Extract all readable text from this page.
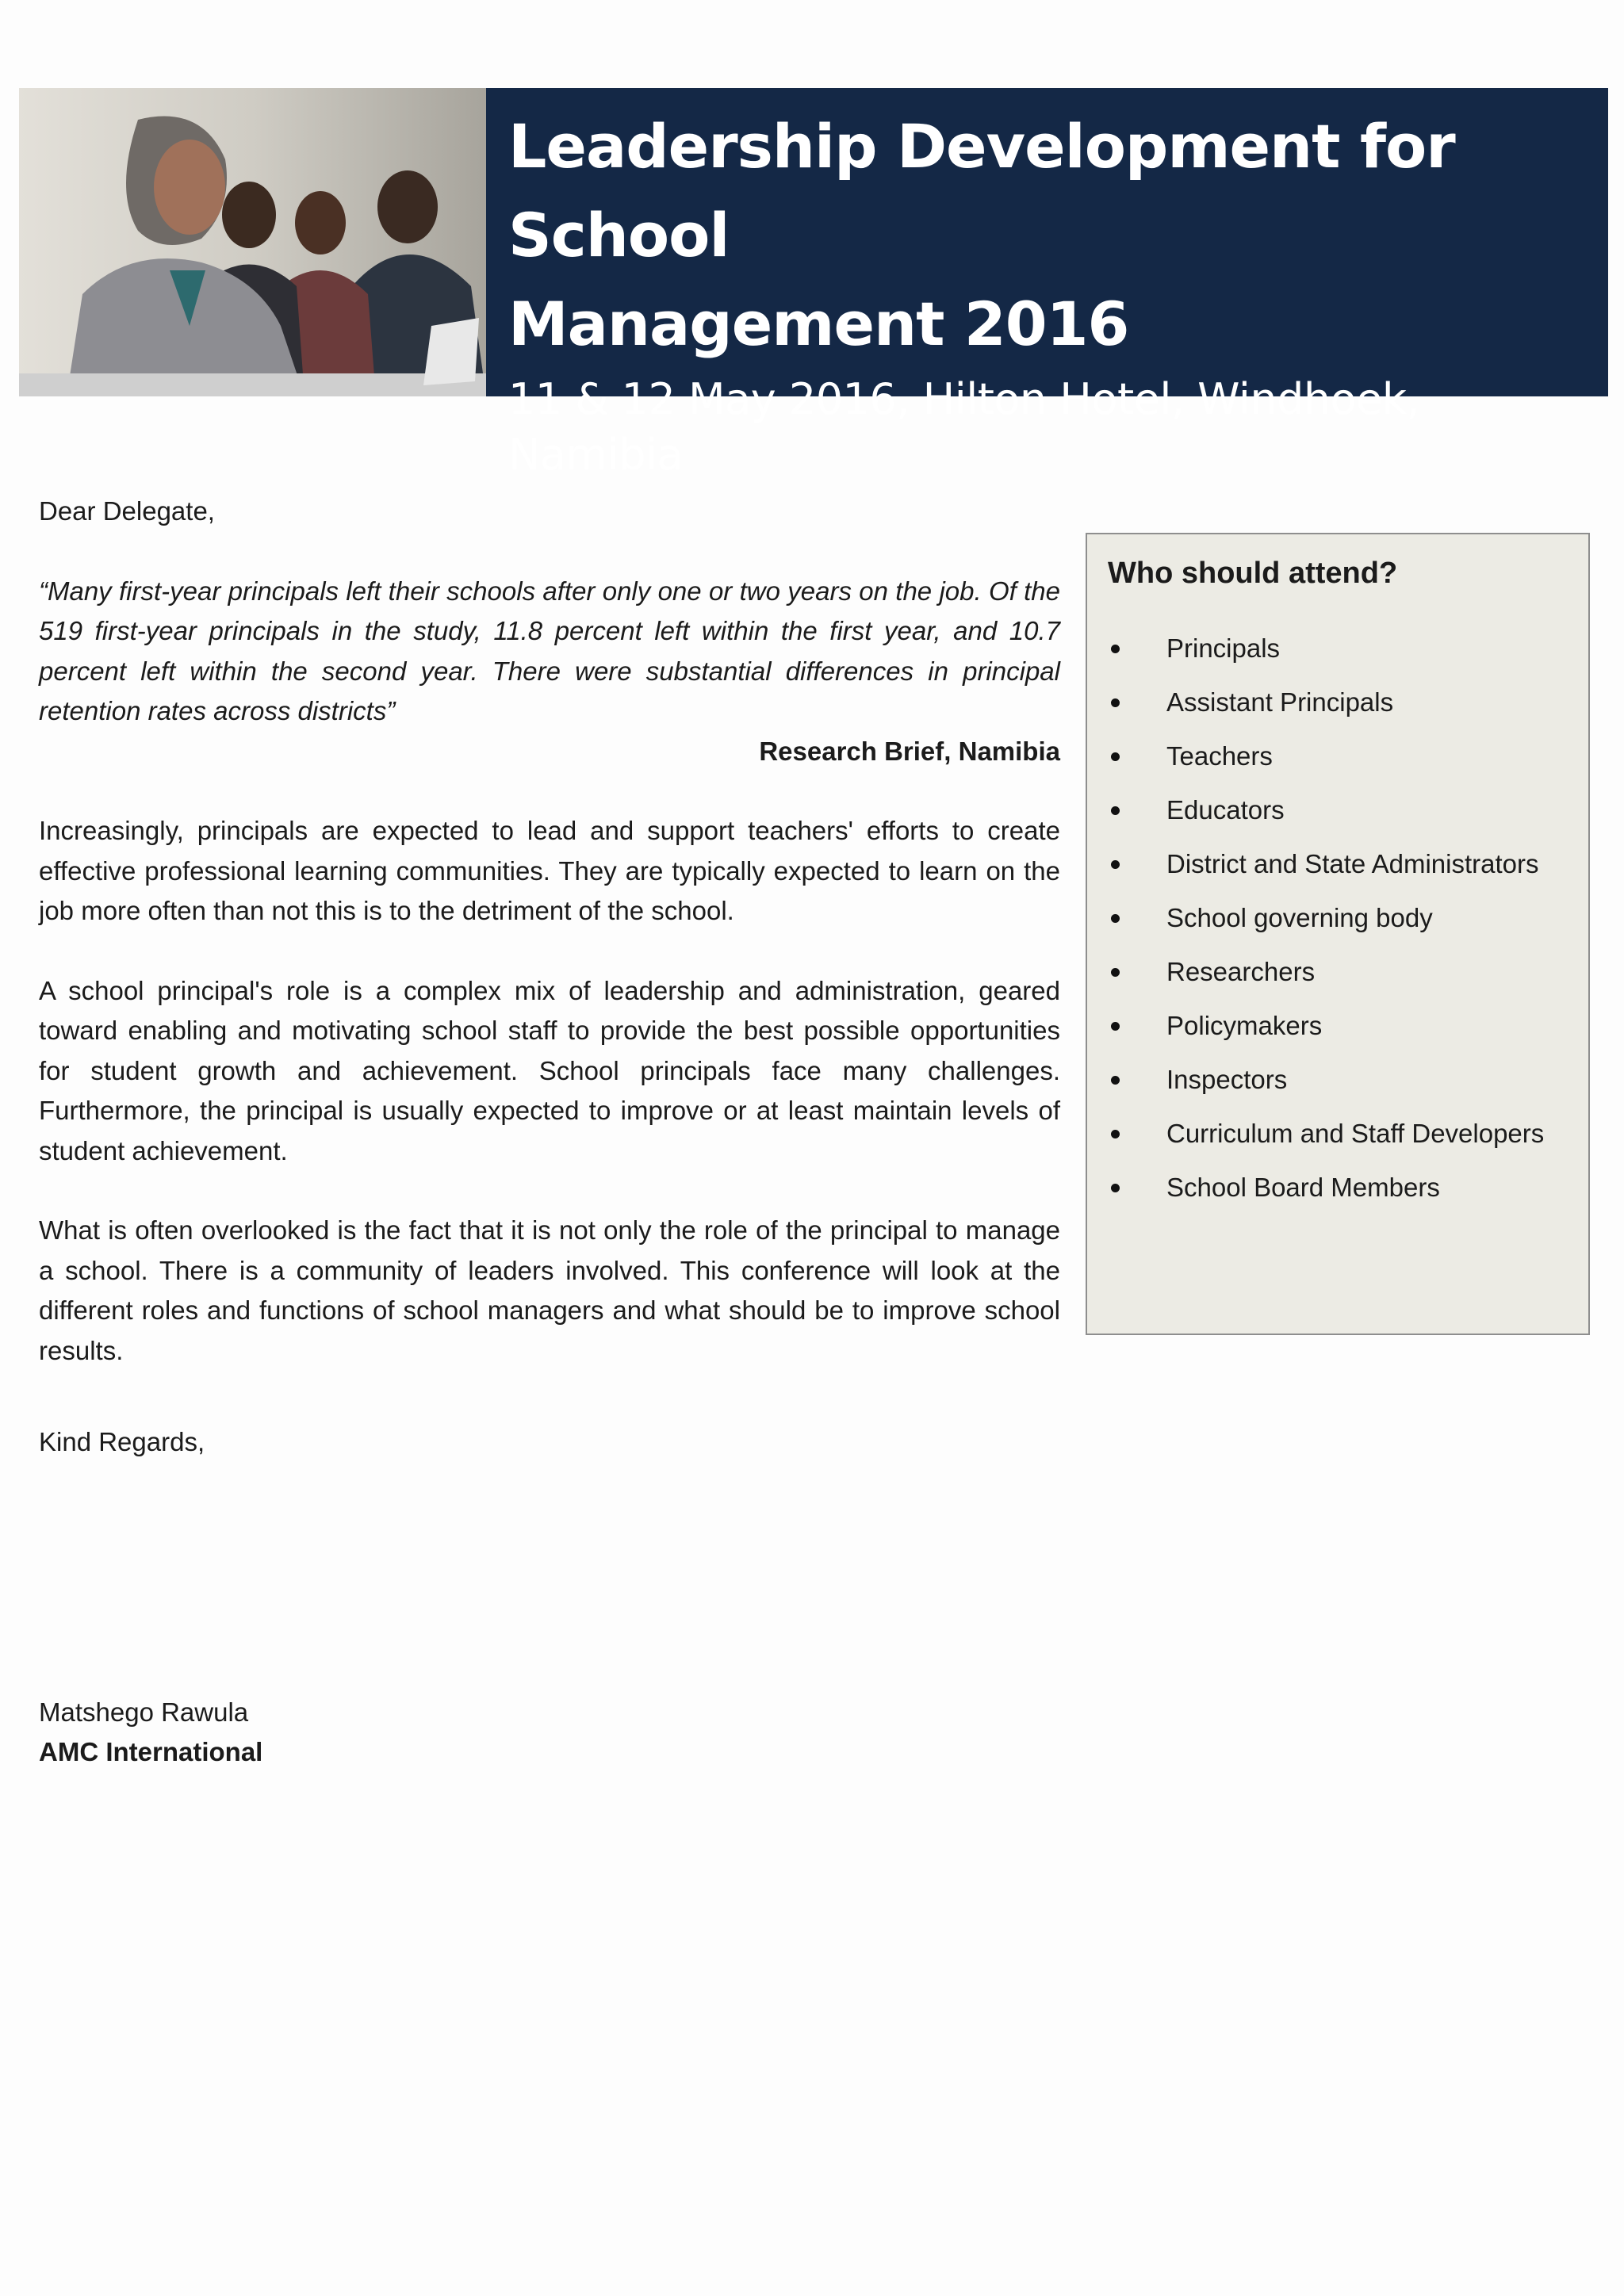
Leadership Development for School
Management 2016
11 & 12 May 2016, Hilton Hotel, Windhoek, Namibia

Dear Delegate,

“Many first-year principals left their schools after only one or two years on the job. Of the 519 first-year principals in the study, 11.8 percent left within the first year, and 10.7 percent left within the second year. There were substantial differences in principal retention rates across districts”

Research Brief, Namibia

Increasingly, principals are expected to lead and support teachers' efforts to create effective professional learning communities. They are typically expected to learn on the job more often than not this is to the detriment of the school.

A school principal's role is a complex mix of leadership and administration, geared toward enabling and motivating school staff to provide the best possible opportunities for student growth and achievement. School principals face many challenges. Furthermore, the principal is usually expected to improve or at least maintain levels of student achievement.

What is often overlooked is the fact that it is not only the role of the principal to manage a school. There is a community of leaders involved. This conference will look at the different roles and functions of school managers and what should be to improve school results.

Kind Regards,

Matshego Rawula

AMC International

Who should attend?

Principals
Assistant Principals
Teachers
Educators
District and State Administrators
School governing body
Researchers
Policymakers
Inspectors
Curriculum and Staff Developers
School Board Members
